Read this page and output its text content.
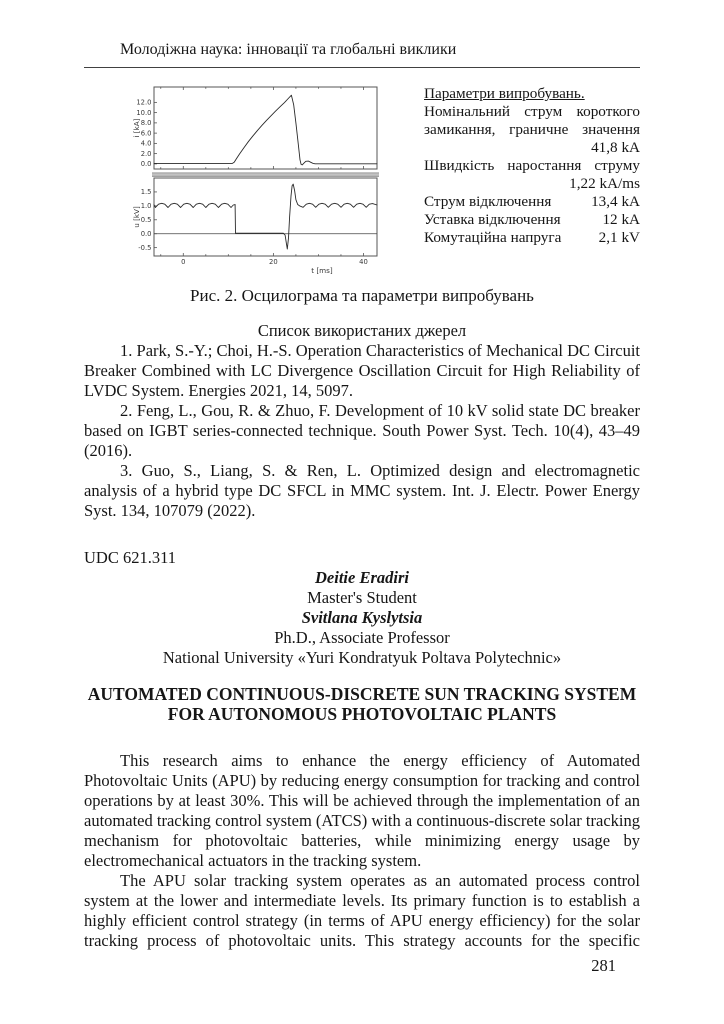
Молодіжна наука: інновації та глобальні виклики
0.0
2.0
4.0
6.0
8.0
10.0
12.0
i [kA]
-0.5
0.0
0.5
1.0
1.5
0	20	40
u [kV]
t [ms]
Параметри випробувань.
Номінальний струм короткого замикання, граничне значення
41,8 kA
Швидкість наростання струму
1,22 kA/ms
Струм відключення	13,4 kA
Уставка відключення	12 kA
Комутаційна напруга 2,1 kV
Рис. 2. Осцилограма та параметри випробувань
Список використаних джерел

1. Park, S.-Y.; Choi, H.-S. Operation Characteristics of Mechanical DC Circuit Breaker Combined with LC Divergence Oscillation Circuit for High Reliability of LVDC System. Energies 2021, 14, 5097.

2. Feng, L., Gou, R. & Zhuo, F. Development of 10 kV solid state DC breaker based on IGBT series-connected technique. South Power Syst. Tech. 10(4), 43–49 (2016).

3. Guo, S., Liang, S. & Ren, L. Optimized design and electromagnetic analysis of a hybrid type DC SFCL in MMC system. Int. J. Electr. Power Energy Syst. 134, 107079 (2022).

UDC 621.311
Deitie Eradiri
Master's Student
Svitlana Kyslytsia
Ph.D., Associate Professor
National University «Yuri Kondratyuk Poltava Polytechnic»
AUTOMATED CONTINUOUS-DISCRETE SUN TRACKING SYSTEM FOR AUTONOMOUS PHOTOVOLTAIC PLANTS

This research aims to enhance the energy efficiency of Automated Photovoltaic Units (APU) by reducing energy consumption for tracking and control operations by at least 30%. This will be achieved through the implementation of an automated tracking control system (ATCS) with a continuous-discrete solar tracking mechanism for photovoltaic batteries, while minimizing energy usage by electromechanical actuators in the tracking system.

The APU solar tracking system operates as an automated process control system at the lower and intermediate levels. Its primary function is to establish a highly efficient control strategy (in terms of APU energy efficiency) for the solar tracking process of photovoltaic units. This strategy accounts for the specific

281
